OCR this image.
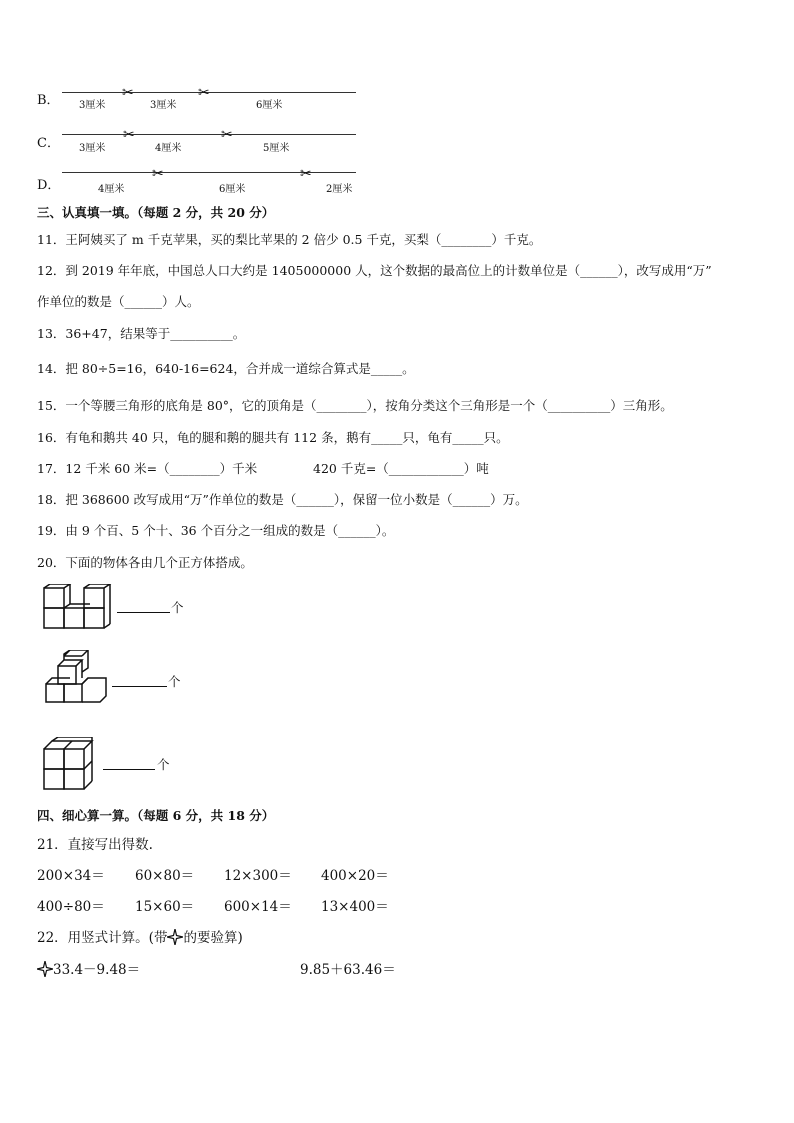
B．	✂	✂
3厘米	3厘米	6厘米
C．
✂	✂
3厘米	4厘米	5厘米
D．
✂	✂
4厘米	6厘米	2厘米
三、认真填一填。（每题 2 分，共 20 分）
11．王阿姨买了 m 千克苹果，买的梨比苹果的 2 倍少 0.5 千克，买梨（________）千克。
12．到 2019 年年底，中国总人口大约是 1405000000 人，这个数据的最高位上的计数单位是（______），改写成用“万”
作单位的数是（______）人。
13．36+47，结果等于__________。
14．把 80÷5=16，640-16=624，合并成一道综合算式是_____。
15．一个等腰三角形的底角是 80°，它的顶角是（________），按角分类这个三角形是一个（__________）三角形。
16．有龟和鹅共 40 只，龟的腿和鹅的腿共有 112 条，鹅有_____只，龟有_____只。
17．12 千米 60 米=（________）千米	420 千克=（____________）吨
18．把 368600 改写成用“万”作单位的数是（______），保留一位小数是（______）万。
19．由 9 个百、5 个十、36 个百分之一组成的数是（______）。
20．下面的物体各由几个正方体搭成。
个
个
个
四、细心算一算。（每题 6 分，共 18 分）
21．直接写出得数.
200×34＝ 60×80＝ 12×300＝ 400×20＝
400÷80＝ 15×60＝ 600×14＝ 13×400＝
22．用竖式计算。(带 的要验算)
33.4－9.48＝	9.85＋63.46＝
